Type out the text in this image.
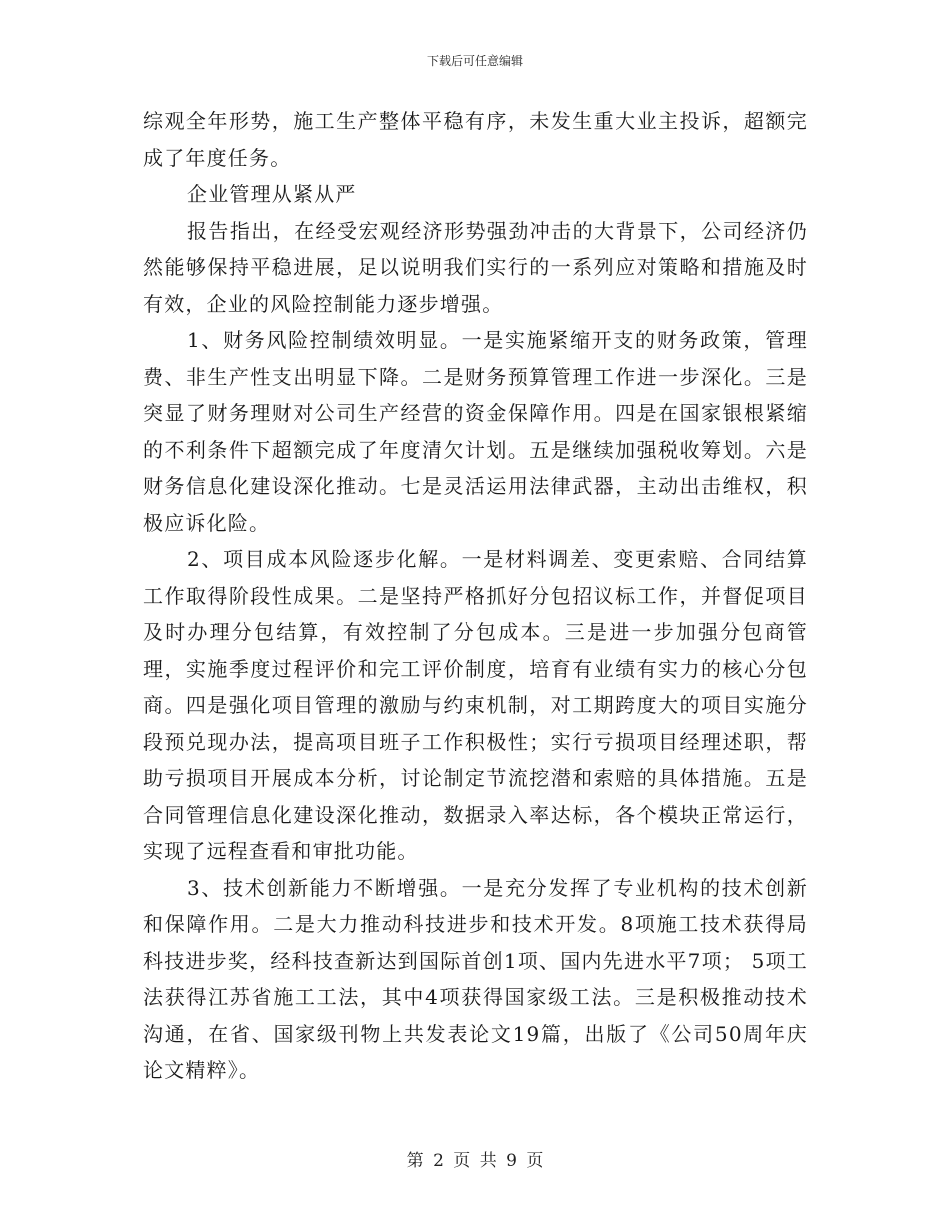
下载后可任意编辑

综观全年形势，施工生产整体平稳有序，未发生重大业主投诉，超额完成了年度任务。

企业管理从紧从严

报告指出，在经受宏观经济形势强劲冲击的大背景下，公司经济仍然能够保持平稳进展，足以说明我们实行的一系列应对策略和措施及时有效，企业的风险控制能力逐步增强。

1、财务风险控制绩效明显。一是实施紧缩开支的财务政策，管理费、非生产性支出明显下降。二是财务预算管理工作进一步深化。三是突显了财务理财对公司生产经营的资金保障作用。四是在国家银根紧缩的不利条件下超额完成了年度清欠计划。五是继续加强税收筹划。六是财务信息化建设深化推动。七是灵活运用法律武器，主动出击维权，积极应诉化险。

2、项目成本风险逐步化解。一是材料调差、变更索赔、合同结算工作取得阶段性成果。二是坚持严格抓好分包招议标工作，并督促项目及时办理分包结算，有效控制了分包成本。三是进一步加强分包商管理，实施季度过程评价和完工评价制度，培育有业绩有实力的核心分包商。四是强化项目管理的激励与约束机制，对工期跨度大的项目实施分段预兑现办法，提高项目班子工作积极性；实行亏损项目经理述职，帮助亏损项目开展成本分析，讨论制定节流挖潜和索赔的具体措施。五是合同管理信息化建设深化推动，数据录入率达标，各个模块正常运行，实现了远程查看和审批功能。

3、技术创新能力不断增强。一是充分发挥了专业机构的技术创新和保障作用。二是大力推动科技进步和技术开发。8项施工技术获得局科技进步奖，经科技查新达到国际首创1项、国内先进水平7项； 5项工法获得江苏省施工工法，其中4项获得国家级工法。三是积极推动技术沟通，在省、国家级刊物上共发表论文19篇，出版了《公司50周年庆论文精粹》。

第 2 页 共 9 页
